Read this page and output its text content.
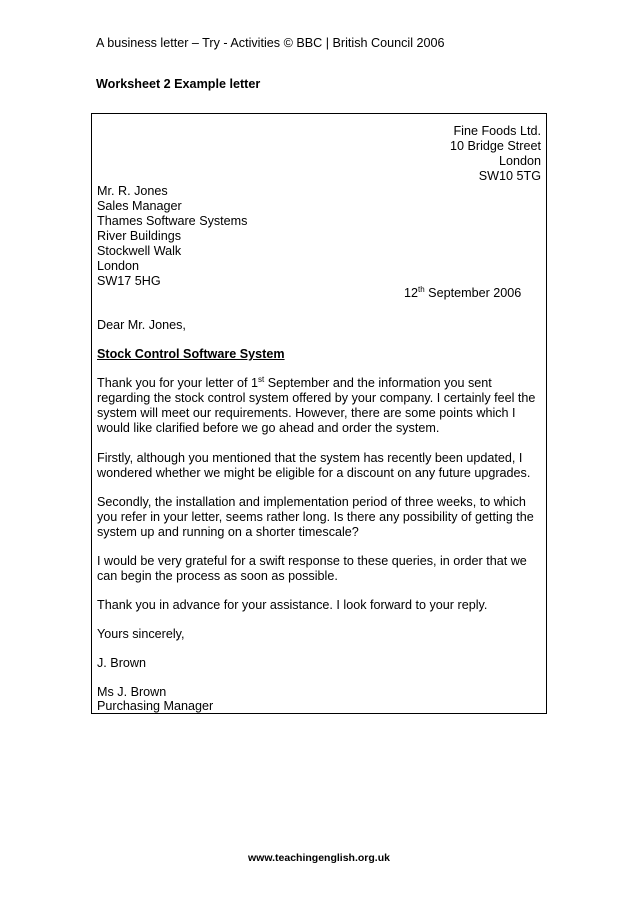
A business letter – Try - Activities © BBC | British Council 2006
Worksheet 2 Example letter
Fine Foods Ltd.
10 Bridge Street
London
SW10 5TG
Mr. R. Jones
Sales Manager
Thames Software Systems
River Buildings
Stockwell Walk
London
SW17 5HG
12th September 2006
Dear Mr. Jones,
Stock Control Software System
Thank you for your letter of 1st September and the information you sent regarding the stock control system offered by your company. I certainly feel the system will meet our requirements. However, there are some points which I would like clarified before we go ahead and order the system.
Firstly, although you mentioned that the system has recently been updated, I wondered whether we might be eligible for a discount on any future upgrades.
Secondly, the installation and implementation period of three weeks, to which you refer in your letter, seems rather long. Is there any possibility of getting the system up and running on a shorter timescale?
I would be very grateful for a swift response to these queries, in order that we can begin the process as soon as possible.
Thank you in advance for your assistance. I look forward to your reply.
Yours sincerely,
J. Brown
Ms J. Brown
Purchasing Manager
www.teachingenglish.org.uk
